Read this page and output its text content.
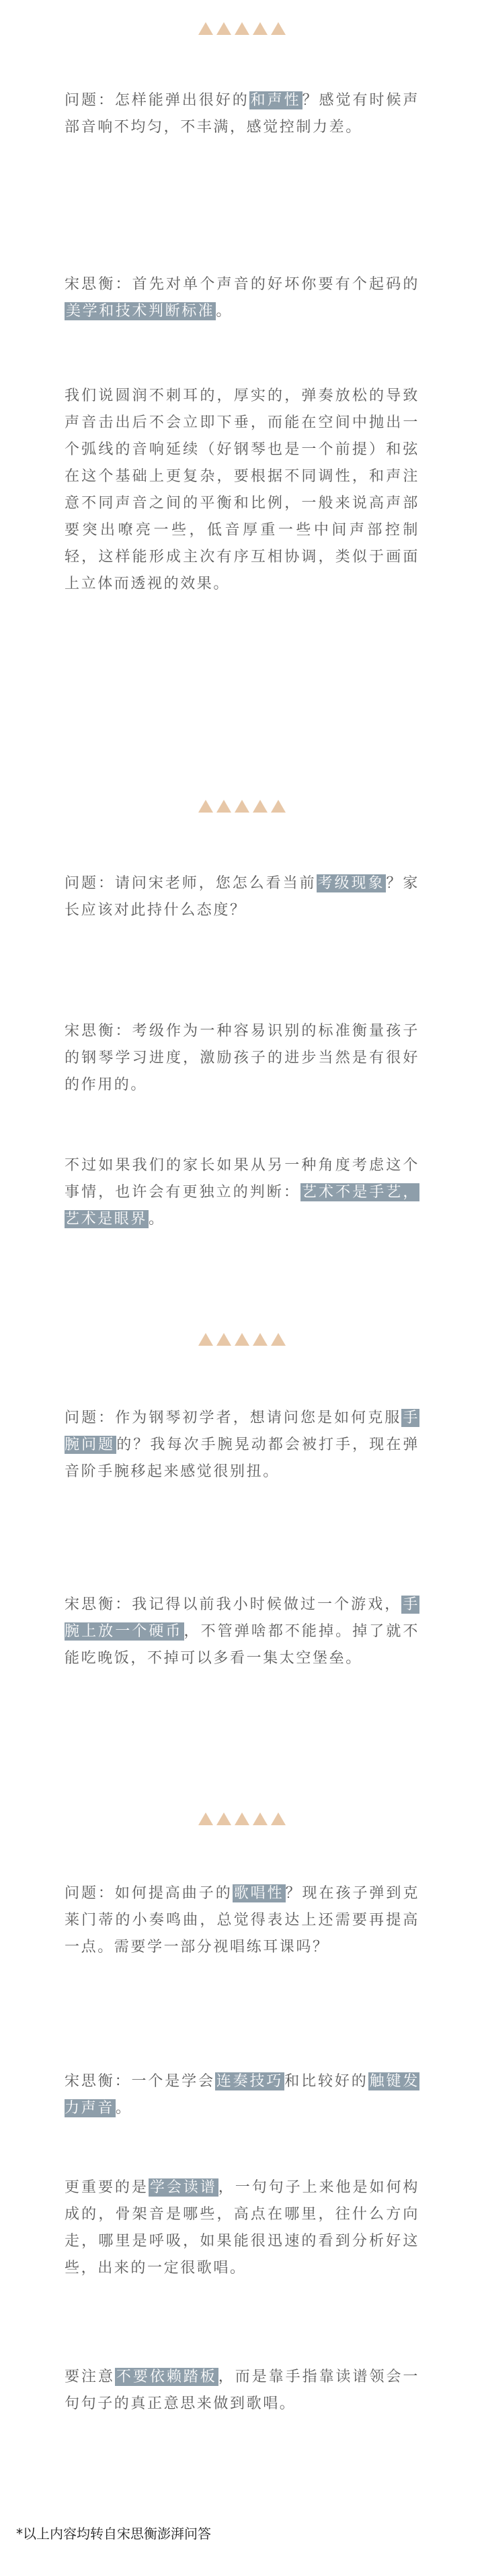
问题：怎样能弹出很好的和声性？感觉有时候声部音响不均匀，不丰满，感觉控制力差。

宋思衡：首先对单个声音的好坏你要有个起码的美学和技术判断标准。

我们说圆润不刺耳的，厚实的，弹奏放松的导致声音击出后不会立即下垂，而能在空间中抛出一个弧线的音响延续（好钢琴也是一个前提）和弦在这个基础上更复杂，要根据不同调性，和声注意不同声音之间的平衡和比例，一般来说高声部要突出嘹亮一些，低音厚重一些中间声部控制轻，这样能形成主次有序互相协调，类似于画面上立体而透视的效果。

问题：请问宋老师，您怎么看当前考级现象？家长应该对此持什么态度？

宋思衡：考级作为一种容易识别的标准衡量孩子的钢琴学习进度，激励孩子的进步当然是有很好的作用的。

不过如果我们的家长如果从另一种角度考虑这个事情，也许会有更独立的判断：艺术不是手艺，艺术是眼界。

问题：作为钢琴初学者，想请问您是如何克服手腕问题的？我每次手腕晃动都会被打手，现在弹音阶手腕移起来感觉很别扭。

宋思衡：我记得以前我小时候做过一个游戏，手腕上放一个硬币，不管弹啥都不能掉。掉了就不能吃晚饭，不掉可以多看一集太空堡垒。

问题：如何提高曲子的歌唱性？现在孩子弹到克莱门蒂的小奏鸣曲，总觉得表达上还需要再提高一点。需要学一部分视唱练耳课吗？

宋思衡：一个是学会连奏技巧和比较好的触键发力声音。

更重要的是学会读谱，一句句子上来他是如何构成的，骨架音是哪些，高点在哪里，往什么方向走，哪里是呼吸，如果能很迅速的看到分析好这些，出来的一定很歌唱。

要注意不要依赖踏板，而是靠手指靠读谱领会一句句子的真正意思来做到歌唱。

*以上内容均转自宋思衡澎湃问答
